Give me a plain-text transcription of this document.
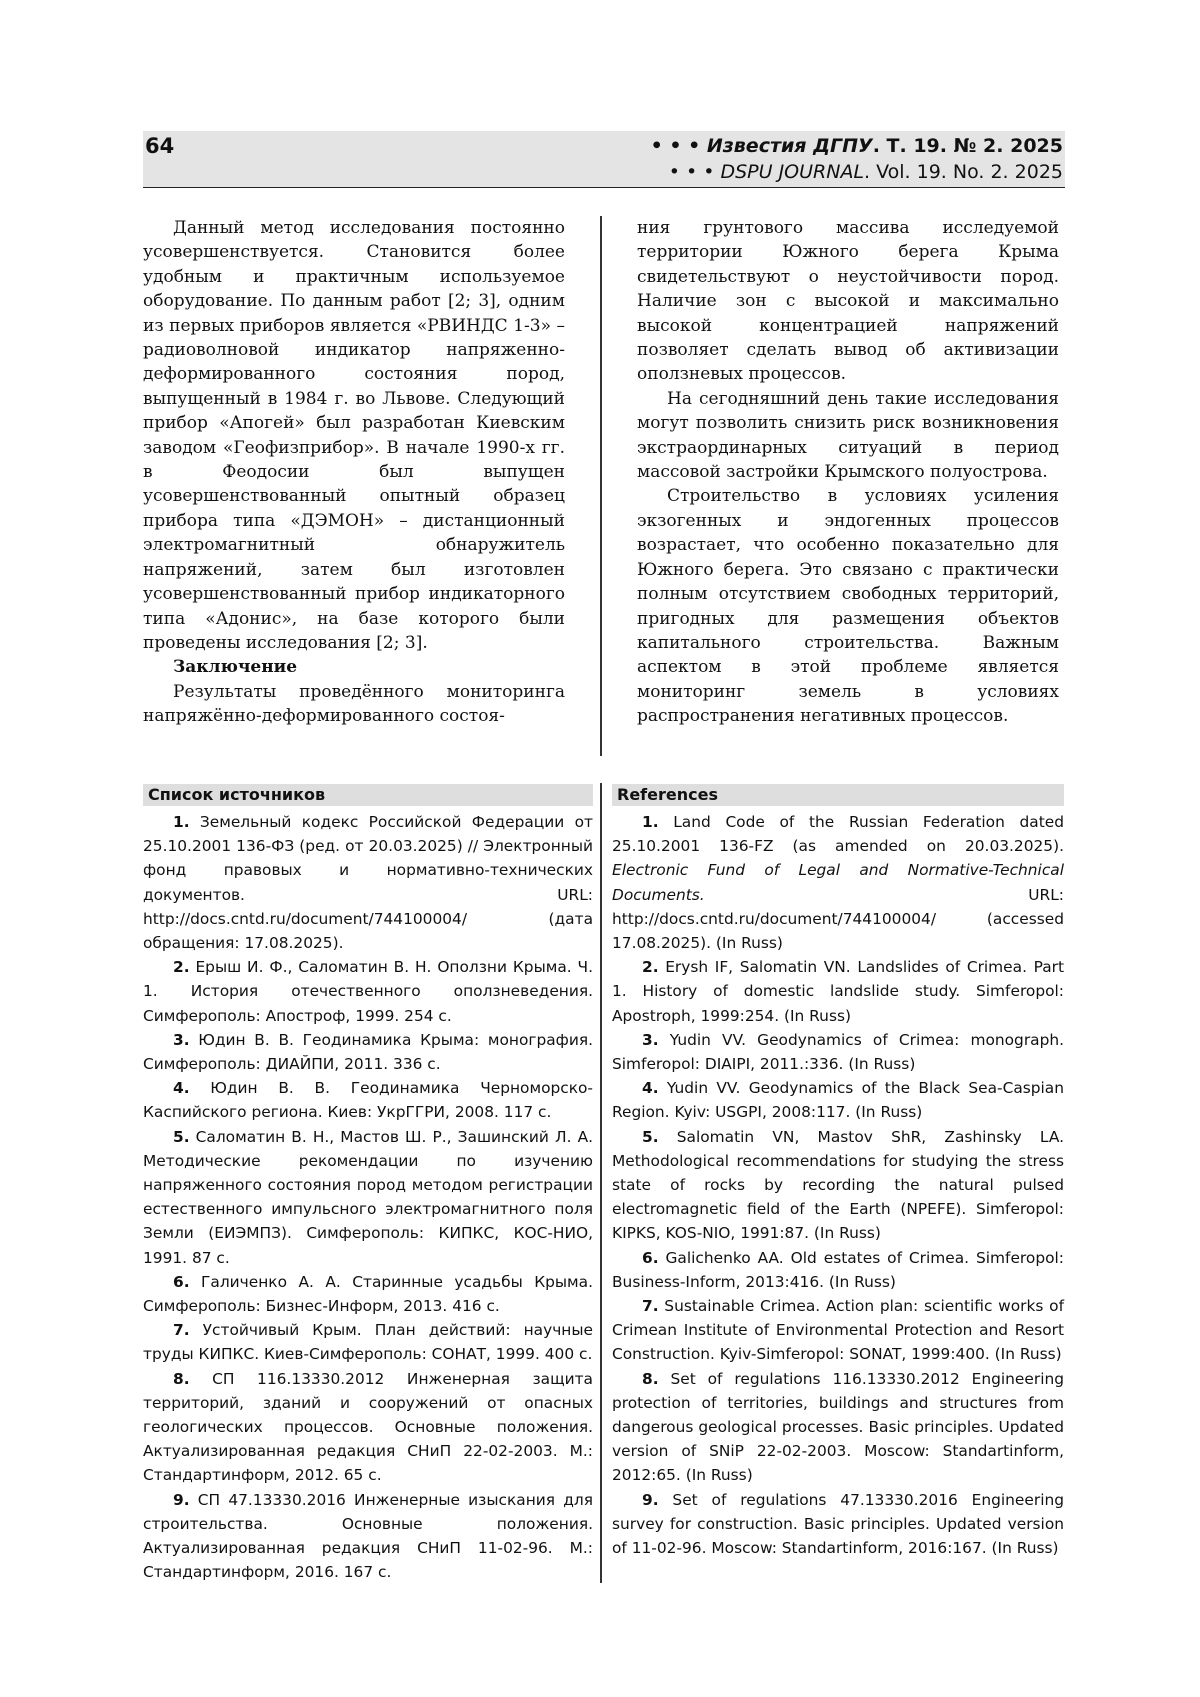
64	• • • Известия ДГПУ. Т. 19. № 2. 2025
• • • DSPU JOURNAL. Vol. 19. No. 2. 2025

Данный метод исследования постоянно усовершенствуется. Становится более удобным и практичным используемое оборудование. По данным работ [2; 3], одним из первых приборов является «РВИНДС 1-3» – радиоволновой индикатор напряженно-деформированного состояния пород, выпущенный в 1984 г. во Львове. Следующий прибор «Апогей» был разработан Киевским заводом «Геофизприбор». В начале 1990-х гг. в Феодосии был выпущен усовершенствованный опытный образец прибора типа «ДЭМОН» – дистанционный электромагнитный обнаружитель напряжений, затем был изготовлен усовершенствованный прибор индикаторного типа «Адонис», на базе которого были проведены исследования [2; 3].

Заключение

Результаты проведённого мониторинга напряжённо-деформированного состоя-

ния грунтового массива исследуемой территории Южного берега Крыма свидетельствуют о неустойчивости пород. Наличие зон с высокой и максимально высокой концентрацией напряжений позволяет сделать вывод об активизации оползневых процессов.

На сегодняшний день такие исследования могут позволить снизить риск возникновения экстраординарных ситуаций в период массовой застройки Крымского полуострова.

Строительство в условиях усиления экзогенных и эндогенных процессов возрастает, что особенно показательно для Южного берега. Это связано с практически полным отсутствием свободных территорий, пригодных для размещения объектов капитального строительства. Важным аспектом в этой проблеме является мониторинг земель в условиях распространения негативных процессов.

Список источников	References

1. Земельный кодекс Российской Федерации от 25.10.2001 136-ФЗ (ред. от 20.03.2025) // Электронный фонд правовых и нормативно-технических документов. URL: http://docs.cntd.ru/document/744100004/ (дата обращения: 17.08.2025).

2. Ерыш И. Ф., Саломатин В. Н. Оползни Крыма. Ч. 1. История отечественного оползневедения. Симферополь: Апостроф, 1999. 254 с.

3. Юдин В. В. Геодинамика Крыма: монография. Симферополь: ДИАЙПИ, 2011. 336 с.

4. Юдин В. В. Геодинамика Черноморско-Каспийского региона. Киев: УкрГГРИ, 2008. 117 с.

5. Саломатин В. Н., Мастов Ш. Р., Зашинский Л. А. Методические рекомендации по изучению напряженного состояния пород методом регистрации естественного импульсного электромагнитного поля Земли (ЕИЭМПЗ). Симферополь: КИПКС, КОС-НИО, 1991. 87 с.

6. Галиченко А. А. Старинные усадьбы Крыма. Симферополь: Бизнес-Информ, 2013. 416 с.

7. Устойчивый Крым. План действий: научные труды КИПКС. Киев-Симферополь: СОНАТ, 1999. 400 с.

8. СП 116.13330.2012 Инженерная защита территорий, зданий и сооружений от опасных геологических процессов. Основные положения. Актуализированная редакция СНиП 22-02-2003. М.: Стандартинформ, 2012. 65 с.

9. СП 47.13330.2016 Инженерные изыскания для строительства. Основные положения. Актуализированная редакция СНиП 11-02-96. М.: Стандартинформ, 2016. 167 с.

1. Land Code of the Russian Federation dated 25.10.2001 136-FZ (as amended on 20.03.2025). Electronic Fund of Legal and Normative-Technical Documents. URL: http://docs.cntd.ru/document/744100004/ (accessed 17.08.2025). (In Russ)

2. Erysh IF, Salomatin VN. Landslides of Crimea. Part 1. History of domestic landslide study. Simferopol: Apostroph, 1999:254. (In Russ)

3. Yudin VV. Geodynamics of Crimea: monograph. Simferopol: DIAIPI, 2011.:336. (In Russ)

4. Yudin VV. Geodynamics of the Black Sea-Caspian Region. Kyiv: USGPI, 2008:117. (In Russ)

5. Salomatin VN, Mastov ShR, Zashinsky LA. Methodological recommendations for studying the stress state of rocks by recording the natural pulsed electromagnetic field of the Earth (NPEFE). Simferopol: KIPKS, KOS-NIO, 1991:87. (In Russ)

6. Galichenko AA. Old estates of Crimea. Simferopol: Business-Inform, 2013:416. (In Russ)

7. Sustainable Crimea. Action plan: scientific works of Crimean Institute of Environmental Protection and Resort Construction. Kyiv-Simferopol: SONAT, 1999:400. (In Russ)

8. Set of regulations 116.13330.2012 Engineering protection of territories, buildings and structures from dangerous geological processes. Basic principles. Updated version of SNiP 22-02-2003. Moscow: Standartinform, 2012:65. (In Russ)

9. Set of regulations 47.13330.2016 Engineering survey for construction. Basic principles. Updated version of 11-02-96. Moscow: Standartinform, 2016:167. (In Russ)
